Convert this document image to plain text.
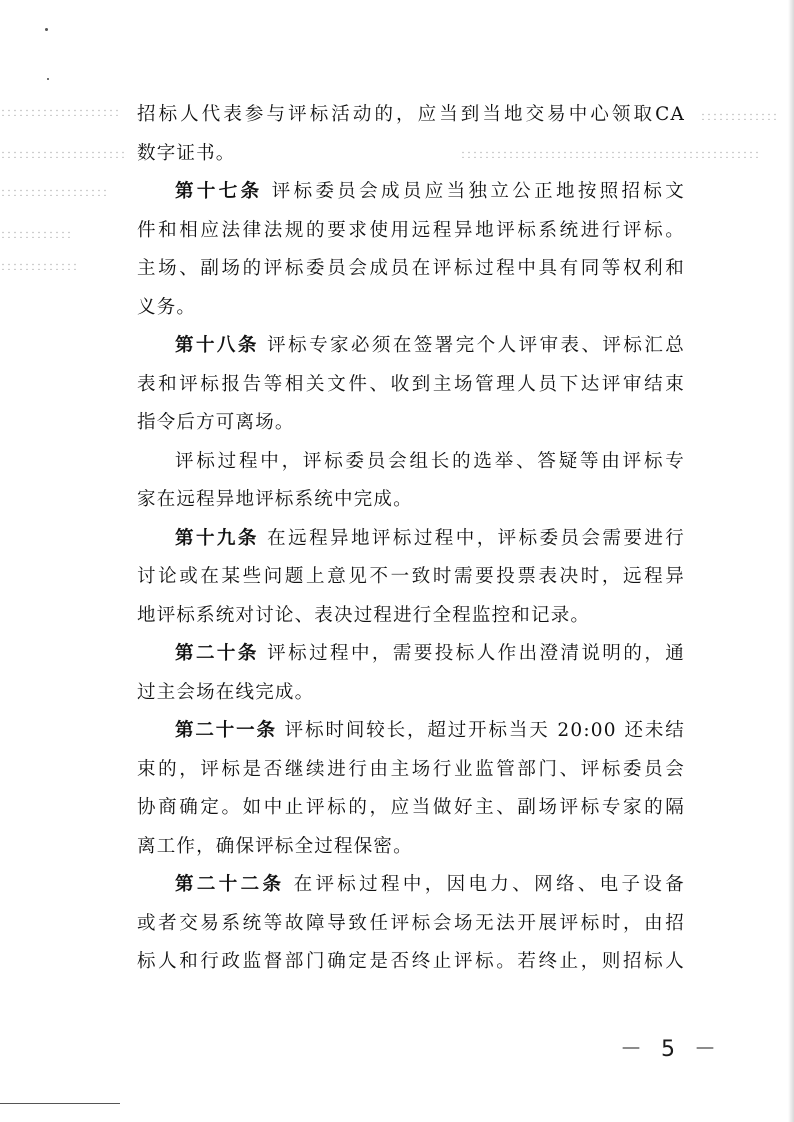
招标人代表参与评标活动的，应当到当地交易中心领取CA
数字证书。
第十七条 评标委员会成员应当独立公正地按照招标文
件和相应法律法规的要求使用远程异地评标系统进行评标。
主场、副场的评标委员会成员在评标过程中具有同等权利和
义务。
第十八条 评标专家必须在签署完个人评审表、评标汇总
表和评标报告等相关文件、收到主场管理人员下达评审结束
指令后方可离场。
评标过程中，评标委员会组长的选举、答疑等由评标专
家在远程异地评标系统中完成。
第十九条 在远程异地评标过程中，评标委员会需要进行
讨论或在某些问题上意见不一致时需要投票表决时，远程异
地评标系统对讨论、表决过程进行全程监控和记录。
第二十条 评标过程中，需要投标人作出澄清说明的，通
过主会场在线完成。
第二十一条 评标时间较长，超过开标当天 20:00 还未结
束的，评标是否继续进行由主场行业监管部门、评标委员会
协商确定。如中止评标的，应当做好主、副场评标专家的隔
离工作，确保评标全过程保密。
第二十二条 在评标过程中，因电力、网络、电子设备
或者交易系统等故障导致任评标会场无法开展评标时，由招
标人和行政监督部门确定是否终止评标。若终止，则招标人
－ 5 －
